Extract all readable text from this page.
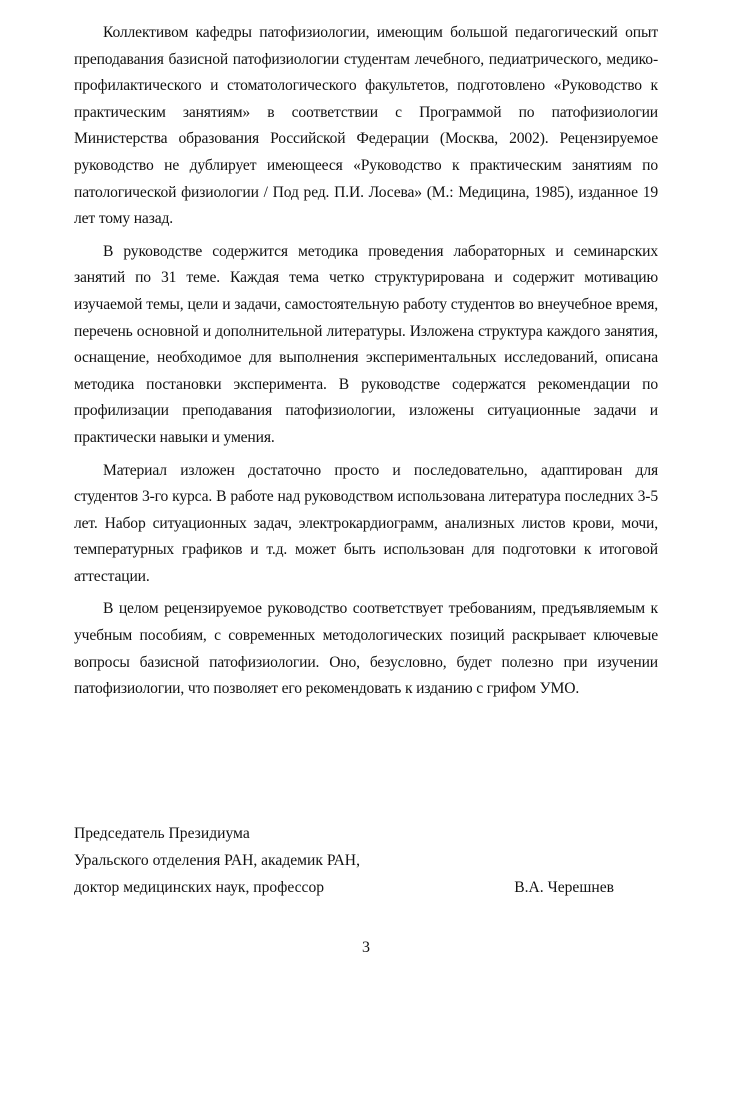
Коллективом кафедры патофизиологии, имеющим большой педагогический опыт преподавания базисной патофизиологии студентам лечебного, педиатрического, медико-профилактического и стоматологического факультетов, подготовлено «Руководство к практическим занятиям» в соответствии с Программой по патофизиологии Министерства образования Российской Федерации (Москва, 2002). Рецензируемое руководство не дублирует имеющееся «Руководство к практическим занятиям по патологической физиологии / Под ред. П.И. Лосева» (М.: Медицина, 1985), изданное 19 лет тому назад.

В руководстве содержится методика проведения лабораторных и семинарских занятий по 31 теме. Каждая тема четко структурирована и содержит мотивацию изучаемой темы, цели и задачи, самостоятельную работу студентов во внеучебное время, перечень основной и дополнительной литературы. Изложена структура каждого занятия, оснащение, необходимое для выполнения экспериментальных исследований, описана методика постановки эксперимента. В руководстве содержатся рекомендации по профилизации преподавания патофизиологии, изложены ситуационные задачи и практически навыки и умения.

Материал изложен достаточно просто и последовательно, адаптирован для студентов 3-го курса. В работе над руководством использована литература последних 3-5 лет. Набор ситуационных задач, электрокардиограмм, анализных листов крови, мочи, температурных графиков и т.д. может быть использован для подготовки к итоговой аттестации.

В целом рецензируемое руководство соответствует требованиям, предъявляемым к учебным пособиям, с современных методологических позиций раскрывает ключевые вопросы базисной патофизиологии. Оно, безусловно, будет полезно при изучении патофизиологии, что позволяет его рекомендовать к изданию с грифом УМО.

Председатель Президиума
Уральского отделения РАН, академик РАН,
доктор медицинских наук, профессор	В.А. Черешнев
3
